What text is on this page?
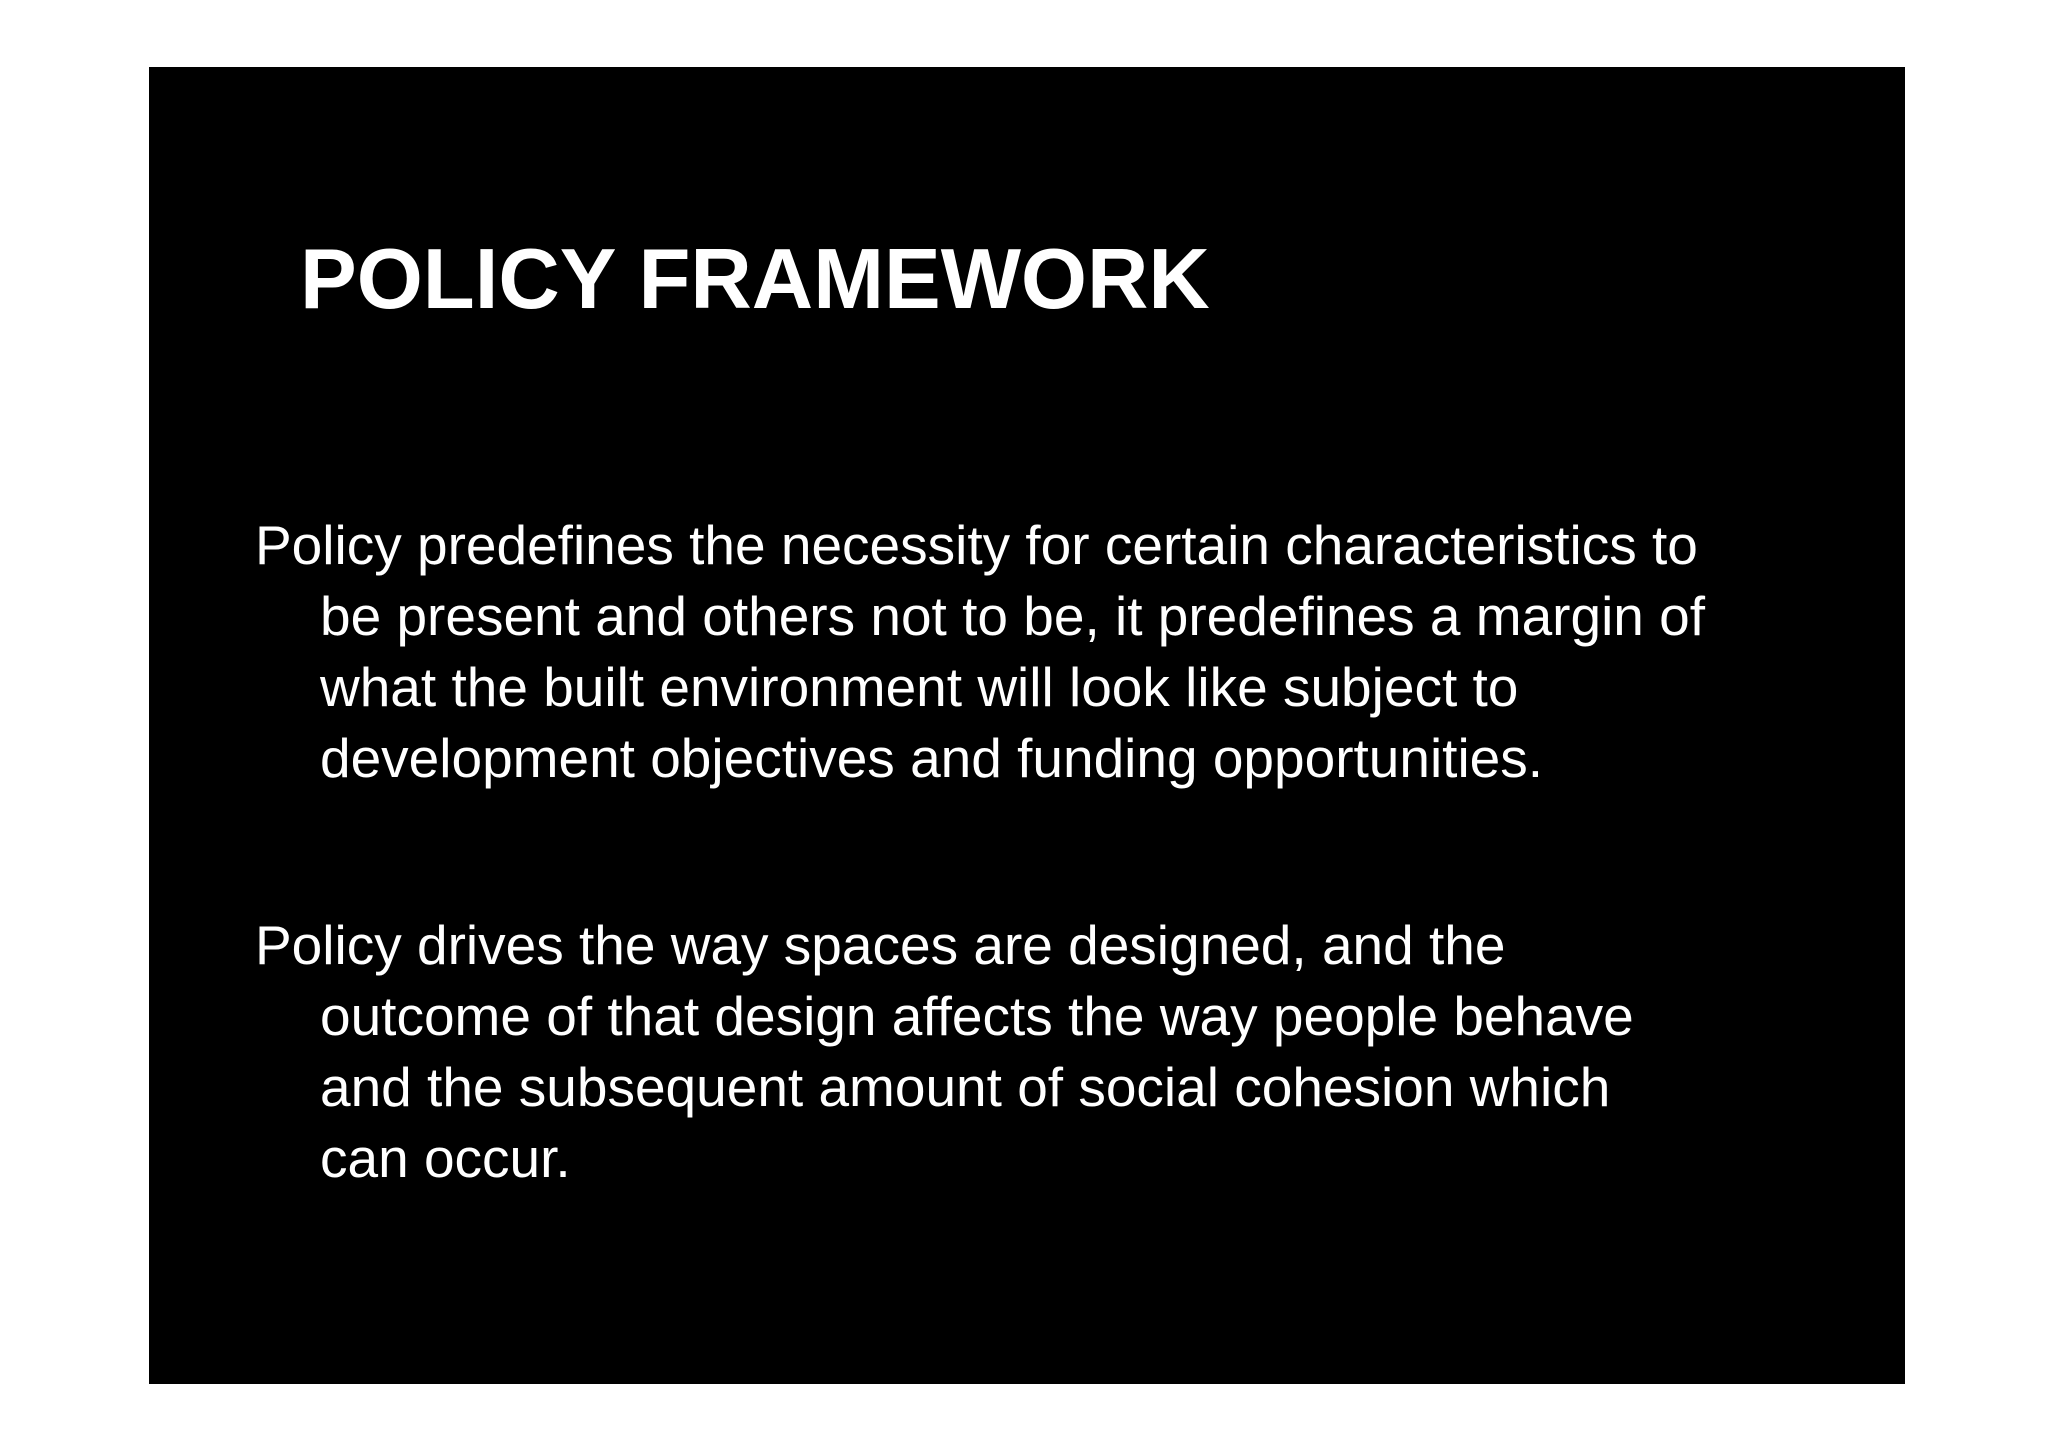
POLICY FRAMEWORK

Policy predefines the necessity for certain characteristics to
be present and others not to be, it predefines a margin of
what the built environment will look like subject to
development objectives and funding opportunities.

Policy drives the way spaces are designed, and the
outcome of that design affects the way people behave
and the subsequent amount of social cohesion which
can occur.
